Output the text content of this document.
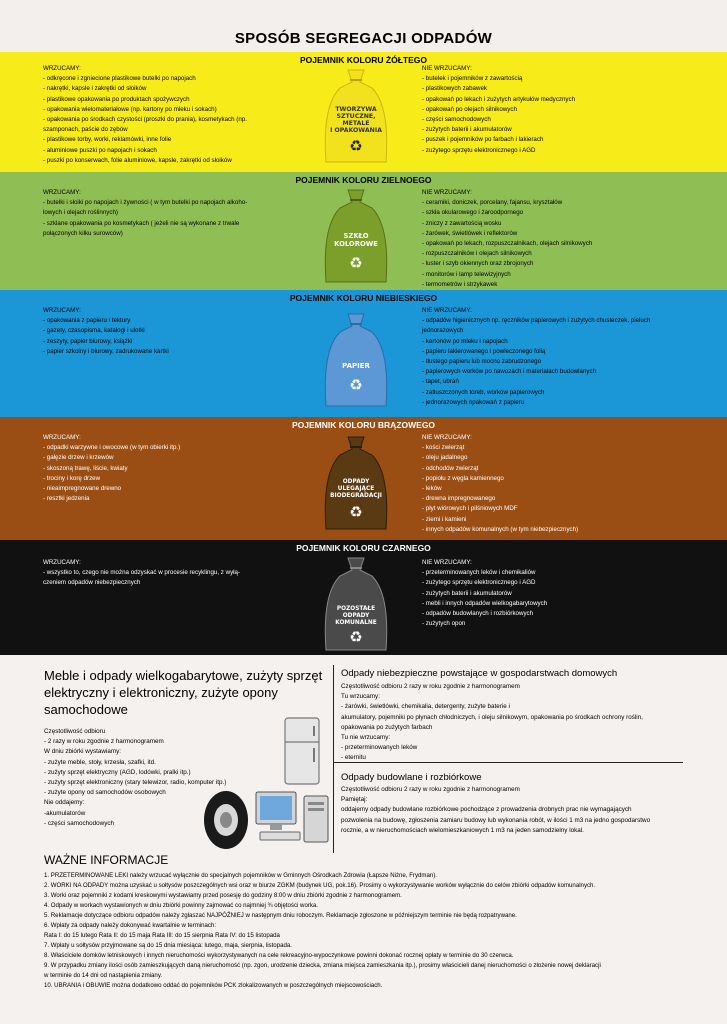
SPOSÓB SEGREGACJI ODPADÓW
POJEMNIK KOLORU ŻÓŁTEGO
WRZUCAMY:
- odkręcone i zgniecione plastikowe butelki po napojach
- nakrętki, kapsle i zakrętki od słoików
- plastikowe opakowania po produktach spożywczych
- opakowania wielomateriałowe (np. kartony po mleku i sokach)
- opakowania po środkach czystości (proszki do prania), kosmetykach (np.
szamponach, paście do zębów
- plastikowe torby, worki, reklamówki, inne folie
- aluminiowe puszki po napojach i sokach
- puszki po konserwach, folie aluminiowe, kapsle, zakrętki od słoików
NIE WRZUCAMY:
- butelek i pojemników z zawartością
- plastikowych zabawek
- opakowań po lekach i zużytych artykułów medycznych
- opakowań po olejach silnikowych
- części samochodowych
- zużytych baterii i akumulatorów
- puszek i pojemników po farbach i lakierach
- zużytego sprzętu elektronicznego i AGD
TWORZYWA
SZTUCZNE,
METALE
I OPAKOWANIA
♻
POJEMNIK KOLORU ZIELNOEGO
WRZUCAMY:
- butelki i słoiki po napojach i żywności ( w tym butelki po napojach alkoho-
lowych i olejach roślinnych)
- szklane opakowania po kosmetykach ( jeżeli nie są wykonane z trwale
połączonych kilku surowców)
NIE WRZUCAMY:
- ceramiki, doniczek, porcelany, fajansu, kryształów
- szkła okularowego i żaroodpornego
- zniczy z zawartością wosku
- żarówek, świetlówek i reflektorów
- opakowań po lekach, rozpuszczalnikach, olejach silnikowych
- rozpuszczalników i olejach silnikowych
- luster i szyb okiennych oraz zbrojonych
- monitorów i lamp telewizyjnych
- termometrów i strzykawek
SZKŁO
KOLOROWE
♻
POJEMNIK KOLORU NIEBIESKIEGO
WRZUCAMY:
- opakowania z papieru i tektury
- gazety, czasopisma, katalogi i ulotki
- zeszyty, papier biurowy, książki
- papier szkolny i biurowy, zadrukowane kartki
NIE WRZUCAMY:
- odpadów higienicznych np. ręczników papierowych i zużytych chusteczek, pieluch
jednorazowych
- kartonów po mleku i napojach
- papieru lakierowanego i powleczonego folią
- tłustego papieru lub mocno zabrudzonego
- papierowych worków po nawozach i materiałach budowlanych
- tapet, ubrań
- zatłuszczonych toreb, worków papierowych
- jednorazowych opakowań z papieru
PAPIER
♻
POJEMNIK KOLORU BRĄZOWEGO
WRZUCAMY:
- odpadki warzywne i owocowe (w tym obierki itp.)
- gałęzie drzew i krzewów
- skoszoną trawę, liście, kwiaty
- trociny i korę drzew
- nieaimpregnowane drewno
- resztki jedzenia
NIE WRZUCAMY:
- kości zwierząt
- oleju jadalnego
- odchodów zwierząt
- popiołu z węgla kamiennego
- leków
- drewna impregnowanego
- płyt wiórowych i pilśniowych MDF
- ziemi i kamieni
- innych odpadów komunalnych (w tym niebezpiecznych)
ODPADY
ULEGAJĄCE
BIODEGRADACJI
♻
POJEMNIK KOLORU CZARNEGO
WRZUCAMY:
- wszystko to, czego nie można odzyskać w procesie recyklingu, z wyłą-
czeniem odpadów niebezpiecznych
NIE WRZUCAMY:
- przeterminowanych leków i chemikaliów
- zużytego sprzętu elektronicznego i AGD
- zużytych baterii i akumulatorów
- mebli i innych odpadów wielkogabarytowych
- odpadów budowlanych i rozbiórkowych
- zużytych opon
POZOSTAŁE
ODPADY
KOMUNALNE
♻
Meble i odpady wielkogabarytowe, zużyty sprzęt
elektryczny i elektroniczny, zużyte opony
samochodowe
Częstotliwość odbioru
- 2 razy w roku zgodnie z harmonogramem
W dniu zbiórki wystawiamy:
- zużyte meble, stoły, krzesła, szafki, itd.
- zużyty sprzęt elektryczny (AGD, lodówki, pralki itp.)
- zużyty sprzęt elektroniczny (stary telewizor, radio, komputer itp.)
- zużyte opony od samochodów osobowych
Nie oddajemy:
-akumulatorów
- części samochodowych
Odpady niebezpieczne powstające w gospodarstwach domowych
Częstotliwość odbioru 2 razy w roku zgodnie z harmonogramem
Tu wrzucamy:
- żarówki, świetlówki, chemikalia, detergenty, zużyte baterie i
akumulatory, pojemniki po płynach chłodniczych, i oleju silnikowym, opakowania po środkach ochrony roślin,
opakowania po zużytych farbach
Tu nie wrzucamy:
- przeterminowanych leków
- eternitu
Odpady budowlane i rozbiórkowe
Częstotliwość odbioru 2 razy w roku zgodnie z harmonogramem
Pamiętaj:
oddajemy odpady budowlane rozbiórkowe pochodzące z prowadzenia drobnych prac nie wymagających
pozwolenia na budowę, zgłoszenia zamiaru budowy lub wykonania robót, w ilości 1 m3 na jedno gospodarstwo
rocznie, a w nieruchomościach wielomieszkaniowych 1 m3 na jeden samodzielny lokal.
WAŻNE INFORMACJE
1. PRZETERMINOWANE LEKI należy wrzucać wyłącznie do specjalnych pojemników w Gminnych Ośrodkach Zdrowia (Łapsze Niżne, Frydman).
2. WORKI NA ODPADY można uzyskać u sołtysów poszczególnych wsi oraz w biurze ZGKM (budynek UG, pok.16). Prosimy o wykorzystywanie worków wyłącznie do celów zbiórki odpadów komunalnych.
3. Worki oraz pojemniki z kodami kreskowymi wystawiamy przed posesję do godziny 8:00 w dniu zbiórki zgodnie z harmonogramem.
4. Odpady w workach wystawionych w dniu zbiórki powinny zajmować co najmniej ¾ objętości worka.
5. Reklamacje dotyczące odbioru odpadów należy zgłaszać NAJPÓŹNIEJ w następnym dniu roboczym. Reklamacje zgłoszone w późniejszym terminie nie będą rozpatrywane.
6. Wpłaty za odpady należy dokonywać kwartalnie w terminach:
Rata I: do 15 lutego Rata II: do 15 maja Rata III: do 15 sierpnia Rata IV: do 15 listopada
7. Wpłaty u sołtysów przyjmowane są do 15 dnia miesiąca: lutego, maja, sierpnia, listopada.
8. Właściciele domków letniskowych i innych nieruchomości wykorzystywanych na cele rekreacyjno-wypoczynkowe powinni dokonać rocznej opłaty w terminie do 30 czerwca.
9. W przypadku zmiany ilości osób zamieszkujących daną nieruchomość (np. zgon, urodzenie dziecka, zmiana miejsca zamieszkania itp.), prosimy właścicieli danej nieruchomości o złożenie nowej deklaracji
w terminie do 14 dni od nastąpienia zmiany.
10. UBRANIA i OBUWIE można dodatkowo oddać do pojemników PCK zlokalizowanych w poszczególnych miejscowościach.
